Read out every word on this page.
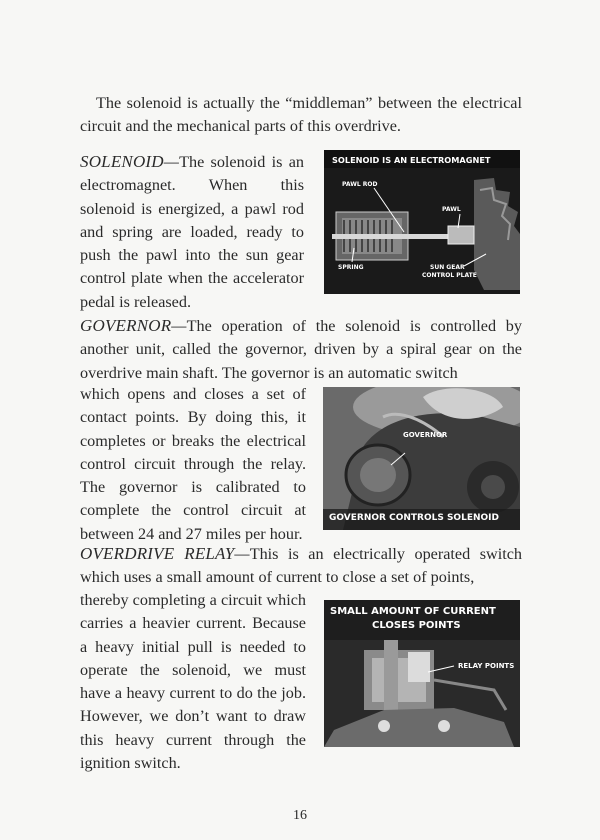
The solenoid is actually the “middleman” between the electrical circuit and the mechanical parts of this overdrive.

SOLENOID—The solenoid is an electromagnet. When this solenoid is energized, a pawl rod and spring are loaded, ready to push the pawl into the sun gear control plate when the accelerator pedal is released.

SOLENOID IS AN ELECTROMAGNET
PAWL ROD
PAWL
SPRING	SUN GEAR
CONTROL PLATE

GOVERNOR—The operation of the solenoid is controlled by another unit, called the governor, driven by a spiral gear on the overdrive main shaft. The governor is an automatic switch

which opens and closes a set of contact points. By doing this, it completes or breaks the electrical control circuit through the relay. The governor is calibrated to complete the control circuit at between 24 and 27 miles per hour.

GOVERNOR
GOVERNOR CONTROLS SOLENOID

OVERDRIVE RELAY—This is an electrically operated switch which uses a small amount of current to close a set of points,

thereby completing a circuit which carries a heavier current. Because a heavy initial pull is needed to operate the solenoid, we must have a heavy current to do the job. However, we don’t want to draw this heavy current through the ignition switch.

SMALL AMOUNT OF CURRENT
CLOSES POINTS
RELAY POINTS
16
